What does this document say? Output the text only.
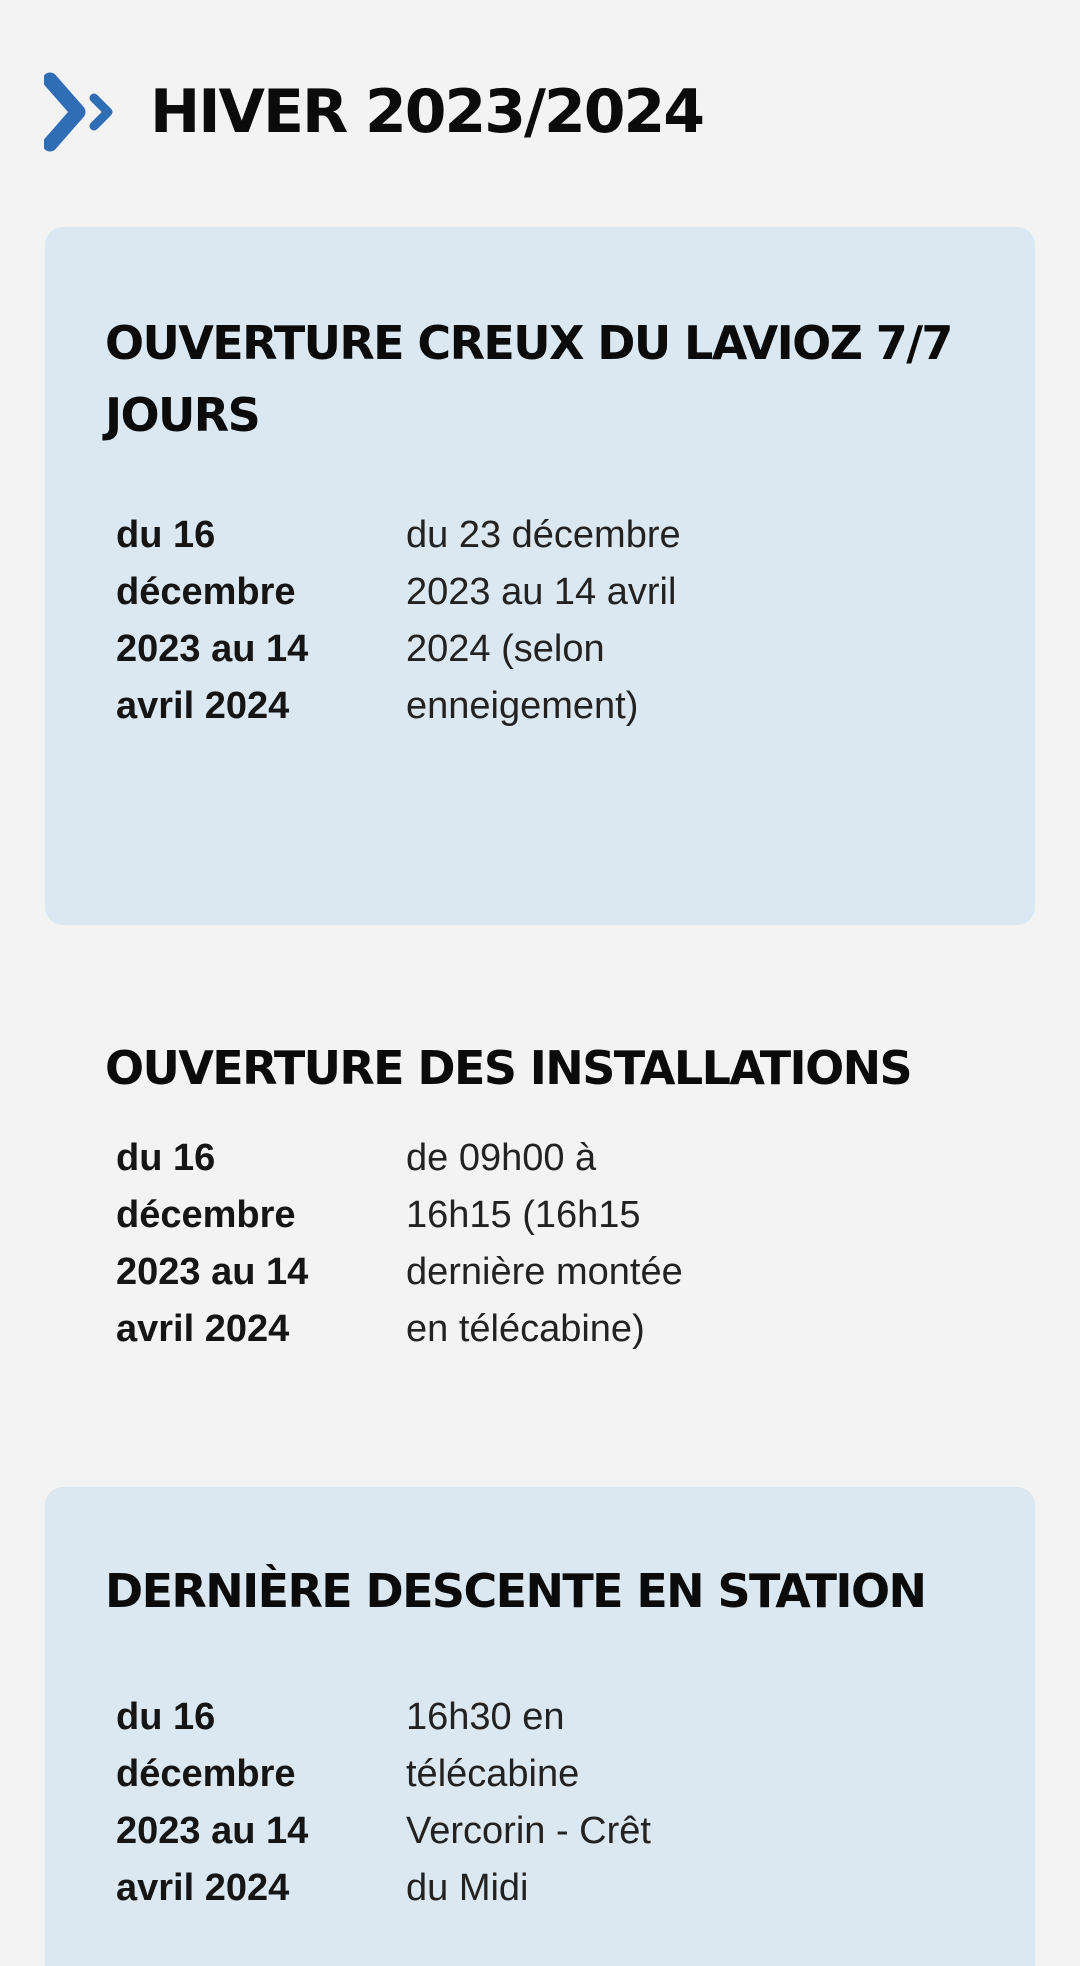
HIVER 2023/2024
OUVERTURE CREUX DU LAVIOZ 7/7 JOURS
du 16 décembre 2023 au 14 avril 2024
du 23 décembre 2023 au 14 avril 2024 (selon enneigement)
OUVERTURE DES INSTALLATIONS
du 16 décembre 2023 au 14 avril 2024
de 09h00 à 16h15 (16h15 dernière montée en télécabine)
DERNIÈRE DESCENTE EN STATION
du 16 décembre 2023 au 14 avril 2024
16h30 en télécabine Vercorin - Crêt du Midi
